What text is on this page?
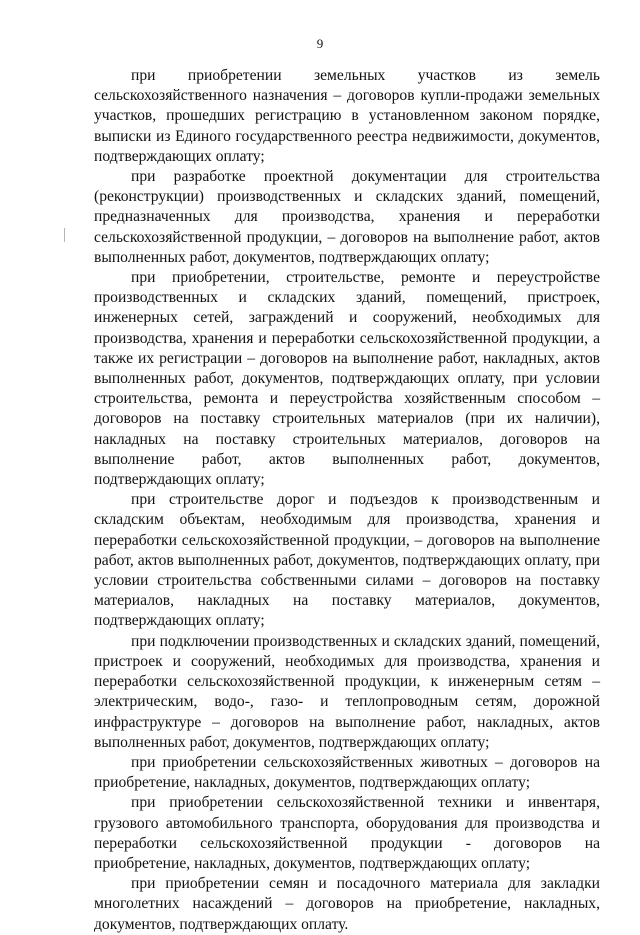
9

при приобретении земельных участков из земель сельскохозяйственного назначения – договоров купли-продажи земельных участков, прошедших регистрацию в установленном законом порядке, выписки из Единого государственного реестра недвижимости, документов, подтверждающих оплату;

при разработке проектной документации для строительства (реконструкции) производственных и складских зданий, помещений, предназначенных для производства, хранения и переработки сельскохозяйственной продукции, – договоров на выполнение работ, актов выполненных работ, документов, подтверждающих оплату;

при приобретении, строительстве, ремонте и переустройстве производственных и складских зданий, помещений, пристроек, инженерных сетей, заграждений и сооружений, необходимых для производства, хранения и переработки сельскохозяйственной продукции, а также их регистрации – договоров на выполнение работ, накладных, актов выполненных работ, документов, подтверждающих оплату, при условии строительства, ремонта и переустройства хозяйственным способом – договоров на поставку строительных материалов (при их наличии), накладных на поставку строительных материалов, договоров на выполнение работ, актов выполненных работ, документов, подтверждающих оплату;

при строительстве дорог и подъездов к производственным и складским объектам, необходимым для производства, хранения и переработки сельскохозяйственной продукции, – договоров на выполнение работ, актов выполненных работ, документов, подтверждающих оплату, при условии строительства собственными силами – договоров на поставку материалов, накладных на поставку материалов, документов, подтверждающих оплату;

при подключении производственных и складских зданий, помещений, пристроек и сооружений, необходимых для производства, хранения и переработки сельскохозяйственной продукции, к инженерным сетям – электрическим, водо-, газо- и теплопроводным сетям, дорожной инфраструктуре – договоров на выполнение работ, накладных, актов выполненных работ, документов, подтверждающих оплату;

при приобретении сельскохозяйственных животных – договоров на приобретение, накладных, документов, подтверждающих оплату;

при приобретении сельскохозяйственной техники и инвентаря, грузового автомобильного транспорта, оборудования для производства и переработки сельскохозяйственной продукции - договоров на приобретение, накладных, документов, подтверждающих оплату;

при приобретении семян и посадочного материала для закладки многолетних насаждений – договоров на приобретение, накладных, документов, подтверждающих оплату.
